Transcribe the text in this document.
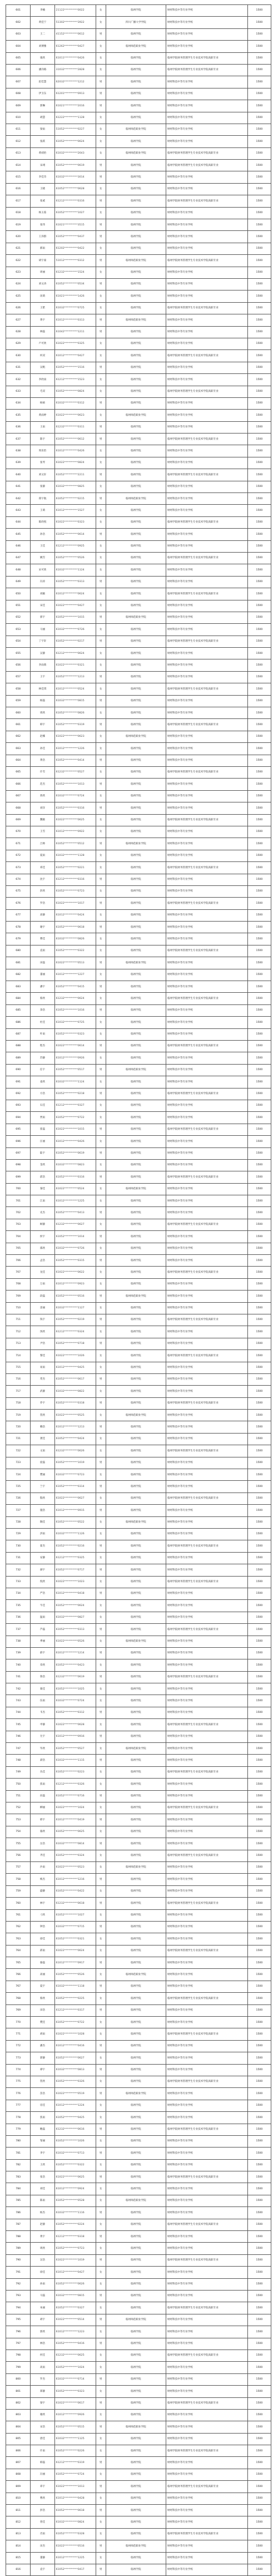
601	李楠	21122**********0022	女	临州学院	财经科技中等专业学校	1500
602	黄佳宁	51302**********3922	女	四川广播大学学院	财经科技中等专业学校	1500
603	王二	41152**********0612	男	临州学院	财经科技中等专业学校	1500
604	刘博雅	61262**********0427	女	临州师范职业学院	财经科技中等专业学校	1500
605	康欣	61011**********0426	女	临州学院	临州学院财务管理学生专业技术学院高职专业	1500
606	潘洋路	31032**********2828	女	临州学院	临州学院财务管理学生专业技术学院高职专业	1500
607	赵佳慧	62032**********1212	男	临州学院	财经科技中等专业学校	1500
608	伊卫东	61201**********0913	男	临州学院	财经科技中等专业学校	1500
609	郭琳	61021**********2016	男	临州学院	财经科技中等专业学校	1500
610	胡慧	61222**********1128	女	临州学院	财经科技中等专业学校	1500
611	梁雨	51052**********0227	女	临州师范职业学院	财经科技中等专业学校	1500
612	张跃	61052**********0624	女	临州学院	财经科技中等专业学校	1500
613	黄靖怡	61032**********2643	女	临州师范职业学院	临州学院财务管理学生专业技术学院高职专业	1500
614	宋翊	61052**********0619	男	临州学院	临州学院财务管理学生专业技术学院高职专业	1500
615	李佳奇	61032**********3014	男	临州学院	财经科技中等专业学校	1500
616	王晓	61052**********0628	女	临州学院	财经科技中等专业学校	1500
617	张威	61212**********0316	男	临州学院	临州学院财务管理学生专业技术学院高职专业	1500
618	杨玉茹	61052**********1027	女	临州学院	财经科技中等专业学校	1500
619	张伟	61021**********3515	男	临州学院	财经科技中等专业学校	1500
620	王泽群	61052**********0437	男	临州学院	财经科技中等专业学校	1500
621	郝雨	61202**********0422	女	临州学院	财经科技中等专业学校	1500
622	胡宇豪	51012**********0312	男	临州师范职业学院	临州学院财务管理学生专业技术学院高职专业	1500
623	周丽	61232**********1524	女	临州学院	财经科技中等专业学校	1500
624	刘文涛	61052**********0534	男	临州学院	财经科技中等专业学校	1500
625	闵萌	61021**********1426	女	临州学院	财经科技中等专业学校	1500
626	王紫	61032**********0725	女	临州学院	临州学院财务管理学生专业技术学院高职专业	1500
627	黄宇	61012**********0313	男	临州师范职业学院	财经科技中等专业学校	1500
628	林磊	61042**********1211	男	临州学院	财经科技中等专业学校	1500
629	卢可欣	61022**********0325	女	临州学院	财经科技中等专业学校	1500
630	何双	61012**********0427	女	临州学院	临州学院财务管理学生专业技术学院高职专业	1500
631	吴帆	61052**********1516	男	临州学院	财经科技中等专业学校	1500
632	李欣雨	61212**********1523	女	临州学院	财经科技中等专业学校	1500
633	毛双	61052**********0824	女	临州学院	临州学院财务管理学生专业技术学院高职专业	1500
634	杨硕	61032**********0312	男	临州学院	财经科技中等专业学校	1500
635	黄雨婷	61022**********0623	女	临州师范职业学院	财经科技中等专业学校	1500
636	王雨	61232**********0311	男	临州学院	财经科技中等专业学校	1500
637	陈宇	61052**********0612	男	临州学院	临州学院财务管理学生专业技术学院高职专业	1500
638	周乐怡	61012**********0426	女	临州学院	财经科技中等专业学校	1500
639	张琴	61022**********0824	女	临州学院	财经科技中等专业学校	1500
640	刘文轩	61052**********2211	男	临州学院	临州学院财务管理学生专业技术学院高职专业	1500
641	张静	61032**********0825	女	临州学院	财经科技中等专业学校	1500
642	郑宇航	61052**********0215	男	临州师范职业学院	财经科技中等专业学校	1500
643	王萌	61012**********1527	女	临州学院	财经科技中等专业学校	1500
644	陈欣悦	61022**********0323	女	临州学院	临州学院财务管理学生专业技术学院高职专业	1500
645	孙浩	61052**********0614	男	临州学院	财经科技中等专业学校	1500
646	王佳	61212**********0925	女	临州学院	财经科技中等专业学校	1500
647	姚雪	61052**********0526	女	临州学院	临州学院财务管理学生专业技术学院高职专业	1500
648	宋可欣	61032**********1124	女	临州学院	财经科技中等专业学校	1500
649	冯涛	61052**********0313	男	临州学院	财经科技中等专业学校	1500
650	刘颖	61012**********0624	女	临州学院	临州学院财务管理学生专业技术学院高职专业	1500
651	宋佳	61022**********0427	女	临州学院	财经科技中等专业学校	1500
652	郭宇	61052**********1015	男	临州师范职业学院	财经科技中等专业学校	1500
653	马丽	61032**********0726	女	临州学院	财经科技中等专业学校	1500
654	丁宇轩	61052**********0217	男	临州学院	临州学院财务管理学生专业技术学院高职专业	1500
655	吴静	61212**********0624	女	临州学院	财经科技中等专业学校	1500
656	李雨萌	61022**********0321	女	临州学院	财经科技中等专业学校	1500
657	王宇	61052**********1213	男	临州学院	财经科技中等专业学校	1500
658	林佳琪	61012**********0524	女	临州学院	临州学院财务管理学生专业技术学院高职专业	1500
659	杨磊	61032**********0815	男	临州学院	财经科技中等专业学校	1500
660	周欣	61052**********0826	女	临州学院	财经科技中等专业学校	1500
661	韩宇	61052**********0319	男	临州学院	临州学院财务管理学生专业技术学院高职专业	1500
662	赵娜	61022**********0623	女	临州师范职业学院	财经科技中等专业学校	1500
663	孙佳	61012**********1226	女	临州学院	财经科技中等专业学校	1500
664	黄浩	61052**********0414	男	临州学院	财经科技中等专业学校	1500
665	许雪	61232**********0527	女	临州学院	临州学院财务管理学生专业技术学院高职专业	1500
666	范杰	61052**********1013	男	临州学院	财经科技中等专业学校	1500
667	蒋欣	61032**********0724	女	临州学院	财经科技中等专业学校	1500
668	刘洋	61052**********0316	男	临州学院	财经科技中等专业学校	1500
669	魏敏	61022**********0625	女	临州学院	临州学院财务管理学生专业技术学院高职专业	1500
670	王雪	61012**********0922	女	临州学院	财经科技中等专业学校	1500
671	吕帅	61052**********0512	男	临州师范职业学院	财经科技中等专业学校	1500
672	夏雨	61032**********1128	女	临州学院	财经科技中等专业学校	1500
673	邓佳	61052**********0221	女	临州学院	临州学院财务管理学生专业技术学院高职专业	1500
674	沈宇	61212**********0316	男	临州学院	财经科技中等专业学校	1500
675	彭欣	61052**********0723	女	临州学院	财经科技中等专业学校	1500
676	罗浩	61022**********1017	男	临州学院	临州学院财务管理学生专业技术学院高职专业	1500
677	高静	61012**********0424	女	临州学院	财经科技中等专业学校	1500
678	谢宇	61052**********0618	男	临州学院	财经科技中等专业学校	1500
679	曹佳	61032**********0826	女	临州学院	财经科技中等专业学校	1500
680	袁雨	61052**********0322	女	临州学院	临州学院财务管理学生专业技术学院高职专业	1500
681	田磊	61022**********0513	男	临州师范职业学院	财经科技中等专业学校	1500
682	董丽	61012**********1227	女	临州学院	财经科技中等专业学校	1500
683	潘宇	61052**********0415	男	临州学院	财经科技中等专业学校	1500
684	蔡欣	61232**********0624	女	临州学院	临州学院财务管理学生专业技术学院高职专业	1500
685	余浩	61052**********1016	男	临州学院	财经科技中等专业学校	1500
686	杜佳	61032**********0725	女	临州学院	财经科技中等专业学校	1500
687	叶雨	61052**********0323	女	临州学院	财经科技中等专业学校	1500
688	程杰	61022**********0614	男	临州学院	临州学院财务管理学生专业技术学院高职专业	1500
689	苏静	61012**********0926	女	临州学院	财经科技中等专业学校	1500
690	任宇	61052**********0517	男	临州师范职业学院	财经科技中等专业学校	1500
691	姜欣	61032**********1124	女	临州学院	财经科技中等专业学校	1500
692	方浩	61052**********0218	男	临州学院	临州学院财务管理学生专业技术学院高职专业	1500
693	石佳	61212**********0327	女	临州学院	财经科技中等专业学校	1500
694	贾雨	61052**********0722	女	临州学院	财经科技中等专业学校	1500
695	崔磊	61022**********1015	男	临州学院	临州学院财务管理学生专业技术学院高职专业	1500
696	汪丽	61012**********0426	女	临州学院	财经科技中等专业学校	1500
697	陆宇	61052**********0619	男	临州学院	财经科技中等专业学校	1500
698	金欣	61032**********0823	女	临州学院	财经科技中等专业学校	1500
699	邱浩	61052**********0316	男	临州学院	临州学院财务管理学生专业技术学院高职专业	1500
700	秦佳	61022**********0524	女	临州师范职业学院	财经科技中等专业学校	1500
701	江雨	61012**********1225	女	临州学院	财经科技中等专业学校	1500
702	史杰	61052**********0413	男	临州学院	财经科技中等专业学校	1500
703	顾静	61232**********0627	女	临州学院	临州学院财务管理学生专业技术学院高职专业	1500
704	侯宇	61052**********1014	男	临州学院	财经科技中等专业学校	1500
705	邵欣	61032**********0726	女	临州学院	财经科技中等专业学校	1500
706	孟浩	61052**********0315	男	临州学院	财经科技中等专业学校	1500
707	龙佳	61022**********0622	女	临州学院	临州学院财务管理学生专业技术学院高职专业	1500
708	万雨	61012**********0923	女	临州学院	财经科技中等专业学校	1500
709	段磊	61052**********0516	男	临州师范职业学院	财经科技中等专业学校	1500
710	雷丽	61032**********1127	女	临州学院	财经科技中等专业学校	1500
711	钱宇	61052**********0219	男	临州学院	临州学院财务管理学生专业技术学院高职专业	1500
712	汤欣	61212**********0324	女	临州学院	财经科技中等专业学校	1500
713	尹浩	61052**********0718	男	临州学院	财经科技中等专业学校	1500
714	黎佳	61022**********1026	女	临州学院	临州学院财务管理学生专业技术学院高职专业	1500
715	易雨	61012**********0425	女	临州学院	财经科技中等专业学校	1500
716	常杰	61052**********0617	男	临州学院	财经科技中等专业学校	1500
717	武静	61032**********0822	女	临州学院	财经科技中等专业学校	1500
718	乔宇	61052**********0318	男	临州学院	临州学院财务管理学生专业技术学院高职专业	1500
719	贺欣	61022**********0525	女	临州师范职业学院	财经科技中等专业学校	1500
720	赖浩	61012**********1213	男	临州学院	财经科技中等专业学校	1500
721	龚佳	61052**********0424	女	临州学院	财经科技中等专业学校	1500
722	文雨	61232**********0626	女	临州学院	临州学院财务管理学生专业技术学院高职专业	1500
723	庞磊	61052**********1019	男	临州学院	财经科技中等专业学校	1500
724	樊丽	61032**********0723	女	临州学院	财经科技中等专业学校	1500
725	兰宇	61052**********0314	男	临州学院	财经科技中等专业学校	1500
726	殷欣	61022**********0627	女	临州学院	临州学院财务管理学生专业技术学院高职专业	1500
727	施浩	61012**********0915	男	临州学院	财经科技中等专业学校	1500
728	陶佳	61052**********0522	女	临州师范职业学院	财经科技中等专业学校	1500
729	洪雨	61032**********1126	女	临州学院	财经科技中等专业学校	1500
730	翟杰	61052**********0216	男	临州学院	临州学院财务管理学生专业技术学院高职专业	1500
731	安静	61212**********0325	女	临州学院	财经科技中等专业学校	1500
732	颜宇	61052**********0717	男	临州学院	财经科技中等专业学校	1500
733	倪欣	61022**********1023	女	临州学院	临州学院财务管理学生专业技术学院高职专业	1500
734	严浩	61012**********0418	男	临州学院	财经科技中等专业学校	1500
735	牛佳	61052**********0624	女	临州学院	财经科技中等专业学校	1500
736	温雨	61032**********0827	女	临州学院	财经科技中等专业学校	1500
737	芦磊	61052**********0313	男	临州学院	临州学院财务管理学生专业技术学院高职专业	1500
738	季丽	61022**********0526	女	临州师范职业学院	财经科技中等专业学校	1500
739	俞宇	61012**********1214	男	临州学院	财经科技中等专业学校	1500
740	章欣	61052**********0423	女	临州学院	财经科技中等专业学校	1500
741	鲁浩	61232**********0619	男	临州学院	临州学院财务管理学生专业技术学院高职专业	1500
742	葛佳	61052**********1025	女	临州学院	财经科技中等专业学校	1500
743	伍雨	61032**********0724	女	临州学院	财经科技中等专业学校	1500
744	韦杰	61052**********0312	男	临州学院	财经科技中等专业学校	1500
745	申静	61022**********0628	女	临州学院	临州学院财务管理学生专业技术学院高职专业	1500
746	尤宇	61012**********0916	男	临州学院	财经科技中等专业学校	1500
747	毕欣	61052**********0527	女	临州师范职业学院	财经科技中等专业学校	1500
748	聂浩	61032**********1115	男	临州学院	财经科技中等专业学校	1500
749	丛佳	61052**********0223	女	临州学院	临州学院财务管理学生专业技术学院高职专业	1500
750	焦雨	61212**********0326	女	临州学院	财经科技中等专业学校	1500
751	向磊	61052**********0716	男	临州学院	财经科技中等专业学校	1500
752	柳丽	61022**********1024	女	临州学院	临州学院财务管理学生专业技术学院高职专业	1500
753	邢宇	61012**********0419	男	临州学院	财经科技中等专业学校	1500
754	骆欣	61052**********0625	女	临州学院	财经科技中等专业学校	1500
755	岳浩	61032**********0814	男	临州学院	财经科技中等专业学校	1500
756	齐佳	61052**********0324	女	临州学院	临州学院财务管理学生专业技术学院高职专业	1500
757	沙雨	61022**********0523	女	临州师范职业学院	财经科技中等专业学校	1500
758	梅杰	61012**********1216	男	临州学院	财经科技中等专业学校	1500
759	盛静	61052**********0422	女	临州学院	财经科技中等专业学校	1500
760	林宇	61232**********0618	男	临州学院	临州学院财务管理学生专业技术学院高职专业	1500
761	刁欣	61052**********1027	女	临州学院	财经科技中等专业学校	1500
762	钟浩	61032**********0715	男	临州学院	财经科技中等专业学校	1500
763	徐佳	61052**********0321	女	临州学院	财经科技中等专业学校	1500
764	邱雨	61022**********0624	女	临州学院	临州学院财务管理学生专业技术学院高职专业	1500
765	骆磊	61012**********0917	男	临州学院	财经科技中等专业学校	1500
766	高丽	61052**********0526	女	临州师范职业学院	财经科技中等专业学校	1500
767	夏宇	61032**********1118	男	临州学院	财经科技中等专业学校	1500
768	蔡欣	61052**********0225	女	临州学院	临州学院财务管理学生专业技术学院高职专业	1500
769	田浩	61212**********0317	男	临州学院	财经科技中等专业学校	1500
770	樊佳	61052**********0722	女	临州学院	财经科技中等专业学校	1500
771	胡雨	61022**********1028	女	临州学院	临州学院财务管理学生专业技术学院高职专业	1500
772	潘杰	61012**********0416	男	临州学院	财经科技中等专业学校	1500
773	郭静	61052**********0627	女	临州学院	财经科技中等专业学校	1500
774	谭宇	61032**********0813	男	临州学院	财经科技中等专业学校	1500
775	贺欣	61052**********0326	女	临州学院	临州学院财务管理学生专业技术学院高职专业	1500
776	苗浩	61022**********0519	男	临州师范职业学院	财经科技中等专业学校	1500
777	房佳	61012**********1224	女	临州学院	财经科技中等专业学校	1500
778	焦雨	61052**********0425	女	临州学院	财经科技中等专业学校	1500
779	鲍磊	61232**********0616	男	临州学院	临州学院财务管理学生专业技术学院高职专业	1500
780	邹丽	61052**********1026	女	临州学院	财经科技中等专业学校	1500
781	李宇	61032**********0713	男	临州学院	财经科技中等专业学校	1500
782	王欣	61052**********0322	女	临州学院	财经科技中等专业学校	1500
783	张浩	61022**********0625	男	临州学院	临州学院财务管理学生专业技术学院高职专业	1500
784	刘佳	61012**********0924	女	临州学院	财经科技中等专业学校	1500
785	陈雨	61052**********0528	女	临州师范职业学院	财经科技中等专业学校	1500
786	杨杰	61032**********1116	男	临州学院	财经科技中等专业学校	1500
787	赵静	61052**********0224	女	临州学院	临州学院财务管理学生专业技术学院高职专业	1500
788	黄宇	61212**********0318	男	临州学院	财经科技中等专业学校	1500
789	周欣	61052**********0723	女	临州学院	财经科技中等专业学校	1500
790	吴浩	61022**********1019	男	临州学院	临州学院财务管理学生专业技术学院高职专业	1500
791	徐佳	61012**********0427	女	临州学院	财经科技中等专业学校	1500
792	孙雨	61052**********0626	女	临州学院	财经科技中等专业学校	1500
793	马磊	61032**********0815	男	临州学院	财经科技中等专业学校	1500
794	朱丽	61052**********0327	女	临州学院	临州学院财务管理学生专业技术学院高职专业	1500
795	胡宇	61022**********0514	男	临州师范职业学院	财经科技中等专业学校	1500
796	郭欣	61012**********1223	女	临州学院	财经科技中等专业学校	1500
797	林浩	61052**********0416	男	临州学院	财经科技中等专业学校	1500
798	何佳	61232**********0625	女	临州学院	临州学院财务管理学生专业技术学院高职专业	1500
799	高雨	61052**********1024	女	临州学院	财经科技中等专业学校	1500
800	罗杰	61032**********0714	男	临州学院	财经科技中等专业学校	1500
801	郑静	61052**********0323	女	临州学院	财经科技中等专业学校	1500
802	梁宇	61022**********0617	男	临州学院	临州学院财务管理学生专业技术学院高职专业	1500
803	谢欣	61012**********0926	女	临州学院	财经科技中等专业学校	1500
804	宋浩	61052**********0515	男	临州师范职业学院	财经科技中等专业学校	1500
805	唐佳	61032**********1125	女	临州学院	财经科技中等专业学校	1500
806	许雨	61052**********0226	女	临州学院	临州学院财务管理学生专业技术学院高职专业	1500
807	韩磊	61212**********0319	男	临州学院	财经科技中等专业学校	1500
808	冯丽	61052**********0724	女	临州学院	财经科技中等专业学校	1500
809	邓宇	61022**********1013	男	临州学院	临州学院财务管理学生专业技术学院高职专业	1500
810	曹欣	61012**********0428	女	临州学院	财经科技中等专业学校	1500
811	彭浩	61052**********0618	男	临州学院	财经科技中等专业学校	1500
812	曾佳	61032**********0824	女	临州学院	财经科技中等专业学校	1500
813	肖雨	61052**********0328	女	临州学院	临州学院财务管理学生专业技术学院高职专业	1500
814	田杰	61022**********0516	男	临州师范职业学院	财经科技中等专业学校	1500
815	董静	61012**********1225	女	临州学院	财经科技中等专业学校	1500
816	袁宇	61052**********0417	男	临州学院	财经科技中等专业学校	1500
